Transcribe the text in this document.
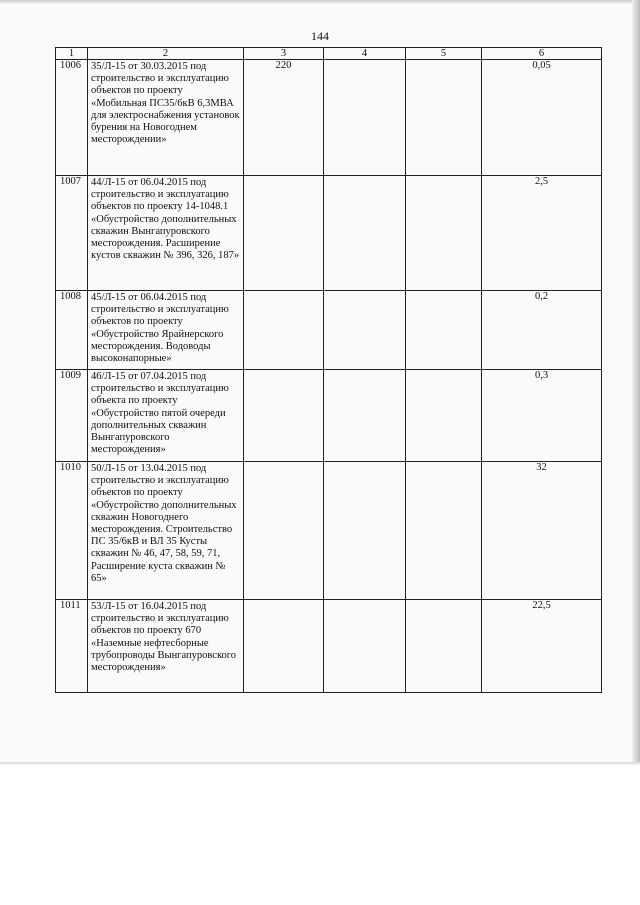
144
1	2	3	4	5	6
1006	35/Л-15 от 30.03.2015 под строительство и эксплуатацию объектов по проекту «Мобильная ПС35/6кВ 6,3МВА для электроснабжения установок бурения на Новогоднем месторождении»	220			0,05
1007	44/Л-15 от 06.04.2015 под строительство и эксплуатацию объектов по проекту 14-1048.1 «Обустройство дополнительных скважин Вынгапуровского месторождения. Расширение кустов скважин № 396, 326, 187»				2,5
1008	45/Л-15 от 06.04.2015 под строительство и эксплуатацию объектов по проекту «Обустройство Ярайнерского месторождения. Водоводы высоконапорные»				0,2
1009	46/Л-15 от 07.04.2015 под строительство и эксплуатацию объекта по проекту «Обустройство пятой очереди дополнительных скважин Вынгапуровского месторождения»				0,3
1010	50/Л-15 от 13.04.2015 под строительство и эксплуатацию объектов по проекту «Обустройство дополнительных скважин Новогоднего месторождения. Строительство ПС 35/6кВ и ВЛ 35 Кусты скважин № 46, 47, 58, 59, 71, Расширение куста скважин № 65»				32
1011	53/Л-15 от 16.04.2015 под строительство и эксплуатацию объектов по проекту 670 «Наземные нефтесборные трубопроводы Вынгапуровского месторождения»				22,5
